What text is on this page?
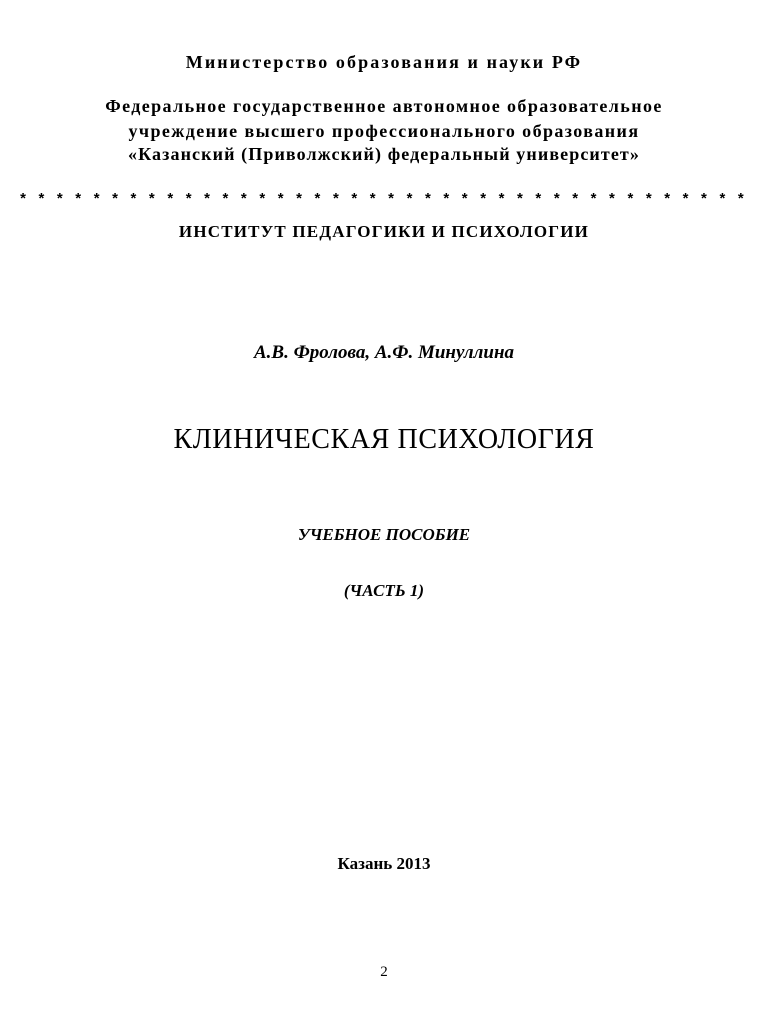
Министерство образования и науки РФ

Федеральное государственное автономное образовательное

учреждение высшего профессионального образования

«Казанский (Приволжский) федеральный университет»

* * * * * * * * * * * * * * * * * * * * * * * * * * * * * * * * * * * * * * * *

ИНСТИТУТ ПЕДАГОГИКИ И ПСИХОЛОГИИ

А.В. Фролова, А.Ф. Минуллина

КЛИНИЧЕСКАЯ ПСИХОЛОГИЯ

УЧЕБНОЕ ПОСОБИЕ

(ЧАСТЬ 1)

Казань 2013

2
